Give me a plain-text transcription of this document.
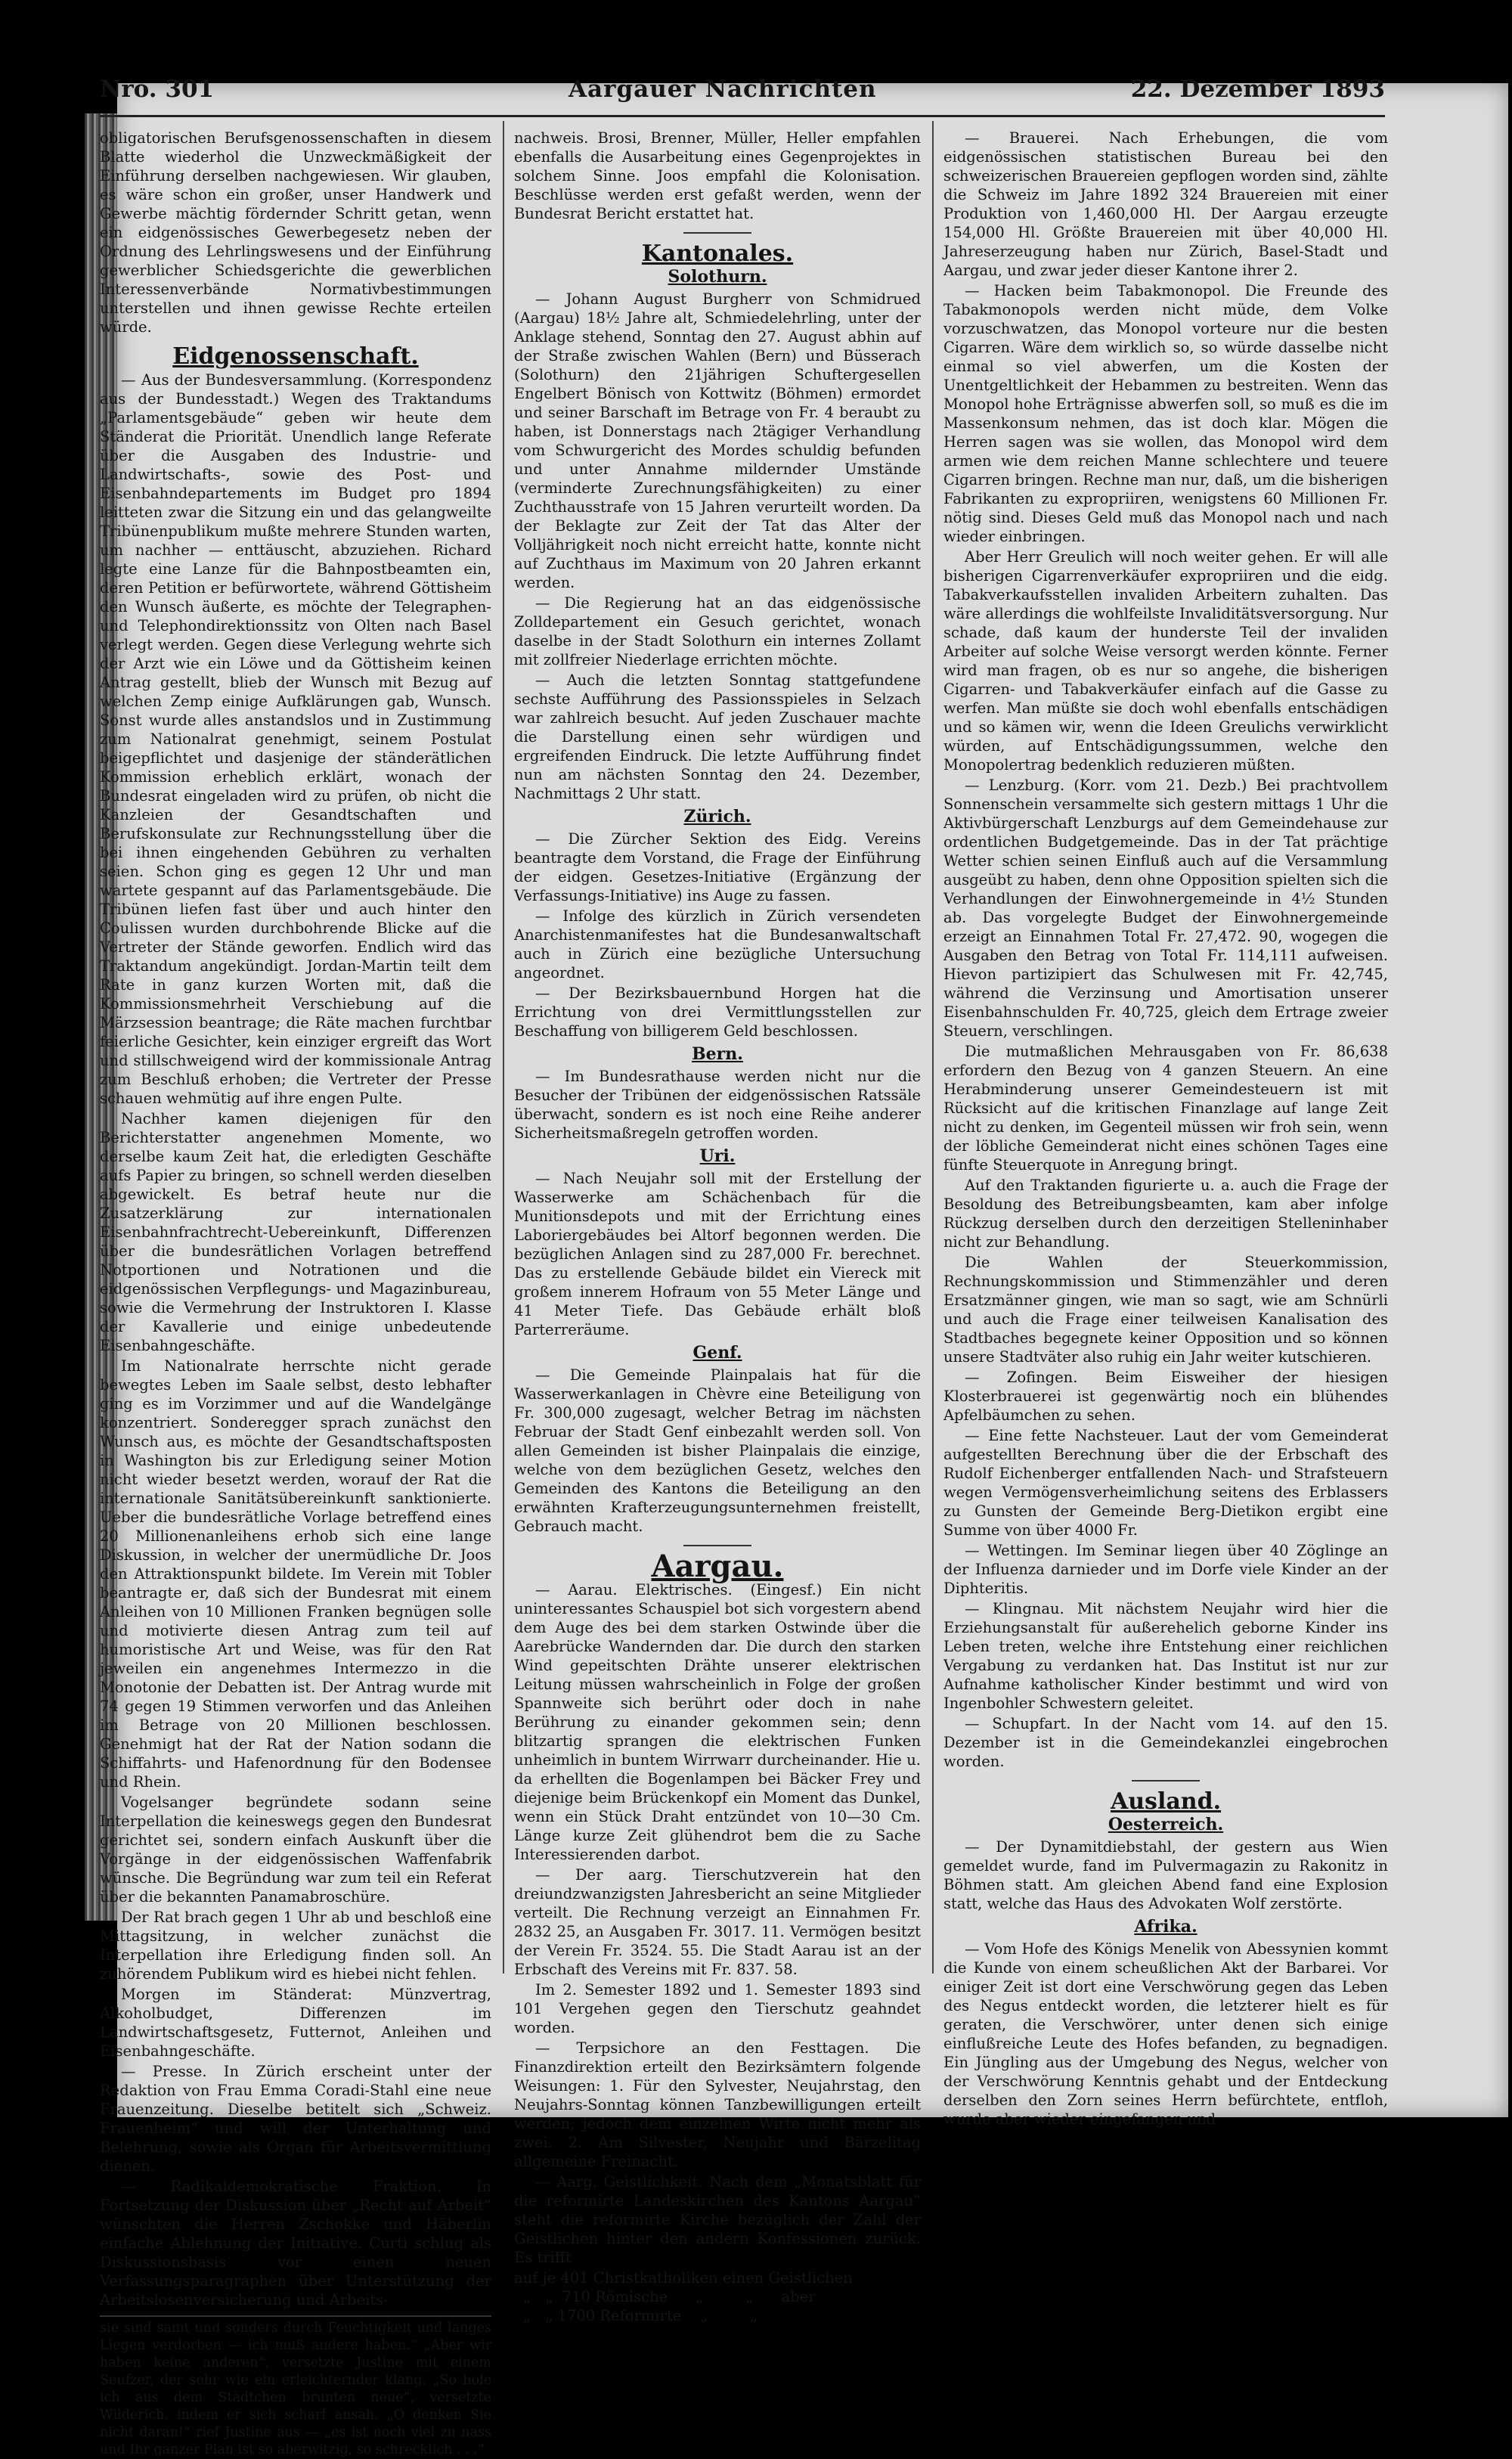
Nro. 301	Aargauer Nachrichten	22. Dezember 1893

obligatorischen Berufsgenossenschaften in diesem Blatte wiederhol die Unzweckmäßigkeit der Einführung derselben nachgewiesen. Wir glauben, es wäre schon ein großer, unser Handwerk und Gewerbe mächtig fördernder Schritt getan, wenn ein eidgenössisches Gewerbegesetz neben der Ordnung des Lehrlingswesens und der Einführung gewerblicher Schiedsgerichte die gewerblichen Interessenverbände Normativbestimmungen unterstellen und ihnen gewisse Rechte erteilen würde.

Eidgenossenschaft.

— Aus der Bundesversammlung. (Korrespondenz aus der Bundesstadt.) Wegen des Traktandums „Parlamentsgebäude“ geben wir heute dem Ständerat die Priorität. Unendlich lange Referate über die Ausgaben des Industrie- und Landwirtschafts-, sowie des Post- und Eisenbahndepartements im Budget pro 1894 leitteten zwar die Sitzung ein und das gelangweilte Tribünenpublikum mußte mehrere Stunden warten, um nachher — enttäuscht, abzuziehen. Richard legte eine Lanze für die Bahnpostbeamten ein, deren Petition er befürwortete, während Göttisheim den Wunsch äußerte, es möchte der Telegraphen- und Telephondirektionssitz von Olten nach Basel verlegt werden. Gegen diese Verlegung wehrte sich der Arzt wie ein Löwe und da Göttisheim keinen Antrag gestellt, blieb der Wunsch mit Bezug auf welchen Zemp einige Aufklärungen gab, Wunsch. Sonst wurde alles anstandslos und in Zustimmung zum Nationalrat genehmigt, seinem Postulat beigepflichtet und dasjenige der ständerätlichen Kommission erheblich erklärt, wonach der Bundesrat eingeladen wird zu prüfen, ob nicht die Kanzleien der Gesandtschaften und Berufskonsulate zur Rechnungsstellung über die bei ihnen eingehenden Gebühren zu verhalten seien. Schon ging es gegen 12 Uhr und man wartete gespannt auf das Parlamentsgebäude. Die Tribünen liefen fast über und auch hinter den Coulissen wurden durchbohrende Blicke auf die Vertreter der Stände geworfen. Endlich wird das Traktandum angekündigt. Jordan-Martin teilt dem Rate in ganz kurzen Worten mit, daß die Kommissionsmehrheit Verschiebung auf die Märzsession beantrage; die Räte machen furchtbar feierliche Gesichter, kein einziger ergreift das Wort und stillschweigend wird der kommissionale Antrag zum Beschluß erhoben; die Vertreter der Presse schauen wehmütig auf ihre engen Pulte.

Nachher kamen diejenigen für den Berichterstatter angenehmen Momente, wo derselbe kaum Zeit hat, die erledigten Geschäfte aufs Papier zu bringen, so schnell werden dieselben abgewickelt. Es betraf heute nur die Zusatzerklärung zur internationalen Eisenbahnfrachtrecht-Uebereinkunft, Differenzen über die bundesrätlichen Vorlagen betreffend Notportionen und Notrationen und die eidgenössischen Verpflegungs- und Magazinbureau, sowie die Vermehrung der Instruktoren I. Klasse der Kavallerie und einige unbedeutende Eisenbahngeschäfte.

Im Nationalrate herrschte nicht gerade bewegtes Leben im Saale selbst, desto lebhafter ging es im Vorzimmer und auf die Wandelgänge konzentriert. Sonderegger sprach zunächst den Wunsch aus, es möchte der Gesandtschaftsposten in Washington bis zur Erledigung seiner Motion nicht wieder besetzt werden, worauf der Rat die internationale Sanitätsübereinkunft sanktionierte. Ueber die bundesrätliche Vorlage betreffend eines 20 Millionenanleihens erhob sich eine lange Diskussion, in welcher der unermüdliche Dr. Joos den Attraktionspunkt bildete. Im Verein mit Tobler beantragte er, daß sich der Bundesrat mit einem Anleihen von 10 Millionen Franken begnügen solle und motivierte diesen Antrag zum teil auf humoristische Art und Weise, was für den Rat jeweilen ein angenehmes Intermezzo in die Monotonie der Debatten ist. Der Antrag wurde mit 74 gegen 19 Stimmen verworfen und das Anleihen im Betrage von 20 Millionen beschlossen. Genehmigt hat der Rat der Nation sodann die Schiffahrts- und Hafenordnung für den Bodensee und Rhein.

Vogelsanger begründete sodann seine Interpellation die keineswegs gegen den Bundesrat gerichtet sei, sondern einfach Auskunft über die Vorgänge in der eidgenössischen Waffenfabrik wünsche. Die Begründung war zum teil ein Referat über die bekannten Panamabroschüre.

Der Rat brach gegen 1 Uhr ab und beschloß eine Mittagsitzung, in welcher zunächst die Interpellation ihre Erledigung finden soll. An zuhörendem Publikum wird es hiebei nicht fehlen.

Morgen im Ständerat: Münzvertrag, Alkoholbudget, Differenzen im Landwirtschaftsgesetz, Futternot, Anleihen und Eisenbahngeschäfte.

— Presse. In Zürich erscheint unter der Redaktion von Frau Emma Coradi-Stahl eine neue Frauenzeitung. Dieselbe betitelt sich „Schweiz. Frauenheim“ und will der Unterhaltung und Belehrung, sowie als Organ für Arbeitsvermittlung dienen.

— Radikaldemokratische Fraktion. In Fortsetzung der Diskussion über „Recht auf Arbeit“ wünschten die Herren Zschokke und Häberlin einfache Ablehnung der Initiative. Curti schlug als Diskussionsbasis vor einen neuen Verfassungsparagraphen über Unterstützung der Arbeitslosenversicherung und Arbeits-

sie sind samt und sonders durch Feuchtigkeit und langes Liegen verdorben — ich muß andere haben.“ „Aber wir haben keine anderen“, versetzte Justine mit einem Seufzer, der sehr wie ein erleichternder klang. „So hole ich aus dem Städtchen brunten neue“, versetzte Wilderich, indem er sich scharf ansah. „O denken Sie nicht daran!“ rief Justine aus — „es ist noch viel zu nass und Ihr ganzer Plan ist so aberwitzig, so schrecklich . . .“

nachweis. Brosi, Brenner, Müller, Heller empfahlen ebenfalls die Ausarbeitung eines Gegenprojektes in solchem Sinne. Joos empfahl die Kolonisation. Beschlüsse werden erst gefaßt werden, wenn der Bundesrat Bericht erstattet hat.

Kantonales.
Solothurn.

— Johann August Burgherr von Schmidrued (Aargau) 18½ Jahre alt, Schmiedelehrling, unter der Anklage stehend, Sonntag den 27. August abhin auf der Straße zwischen Wahlen (Bern) und Büsserach (Solothurn) den 21jährigen Schuftergesellen Engelbert Bönisch von Kottwitz (Böhmen) ermordet und seiner Barschaft im Betrage von Fr. 4 beraubt zu haben, ist Donnerstags nach 2tägiger Verhandlung vom Schwurgericht des Mordes schuldig befunden und unter Annahme mildernder Umstände (verminderte Zurechnungsfähigkeiten) zu einer Zuchthausstrafe von 15 Jahren verurteilt worden. Da der Beklagte zur Zeit der Tat das Alter der Volljährigkeit noch nicht erreicht hatte, konnte nicht auf Zuchthaus im Maximum von 20 Jahren erkannt werden.

— Die Regierung hat an das eidgenössische Zolldepartement ein Gesuch gerichtet, wonach daselbe in der Stadt Solothurn ein internes Zollamt mit zollfreier Niederlage errichten möchte.

— Auch die letzten Sonntag stattgefundene sechste Aufführung des Passionsspieles in Selzach war zahlreich besucht. Auf jeden Zuschauer machte die Darstellung einen sehr würdigen und ergreifenden Eindruck. Die letzte Aufführung findet nun am nächsten Sonntag den 24. Dezember, Nachmittags 2 Uhr statt.

Zürich.

— Die Zürcher Sektion des Eidg. Vereins beantragte dem Vorstand, die Frage der Einführung der eidgen. Gesetzes-Initiative (Ergänzung der Verfassungs-Initiative) ins Auge zu fassen.

— Infolge des kürzlich in Zürich versendeten Anarchistenmanifestes hat die Bundesanwaltschaft auch in Zürich eine bezügliche Untersuchung angeordnet.

— Der Bezirksbauernbund Horgen hat die Errichtung von drei Vermittlungsstellen zur Beschaffung von billigerem Geld beschlossen.

Bern.

— Im Bundesrathause werden nicht nur die Besucher der Tribünen der eidgenössischen Ratssäle überwacht, sondern es ist noch eine Reihe anderer Sicherheitsmaßregeln getroffen worden.

Uri.

— Nach Neujahr soll mit der Erstellung der Wasserwerke am Schächenbach für die Munitionsdepots und mit der Errichtung eines Laboriergebäudes bei Altorf begonnen werden. Die bezüglichen Anlagen sind zu 287,000 Fr. berechnet. Das zu erstellende Gebäude bildet ein Viereck mit großem innerem Hofraum von 55 Meter Länge und 41 Meter Tiefe. Das Gebäude erhält bloß Parterreräume.

Genf.

— Die Gemeinde Plainpalais hat für die Wasserwerkanlagen in Chèvre eine Beteiligung von Fr. 300,000 zugesagt, welcher Betrag im nächsten Februar der Stadt Genf einbezahlt werden soll. Von allen Gemeinden ist bisher Plainpalais die einzige, welche von dem bezüglichen Gesetz, welches den Gemeinden des Kantons die Beteiligung an den erwähnten Krafterzeugungsunternehmen freistellt, Gebrauch macht.

Aargau.

— Aarau. Elektrisches. (Eingesf.) Ein nicht uninteressantes Schauspiel bot sich vorgestern abend dem Auge des bei dem starken Ostwinde über die Aarebrücke Wandernden dar. Die durch den starken Wind gepeitschten Drähte unserer elektrischen Leitung müssen wahrscheinlich in Folge der großen Spannweite sich berührt oder doch in nahe Berührung zu einander gekommen sein; denn blitzartig sprangen die elektrischen Funken unheimlich in buntem Wirrwarr durcheinander. Hie u. da erhellten die Bogenlampen bei Bäcker Frey und diejenige beim Brückenkopf ein Moment das Dunkel, wenn ein Stück Draht entzündet von 10—30 Cm. Länge kurze Zeit glühendrot bem die zu Sache Interessierenden darbot.

— Der aarg. Tierschutzverein hat den dreiundzwanzigsten Jahresbericht an seine Mitglieder verteilt. Die Rechnung verzeigt an Einnahmen Fr. 2832 25, an Ausgaben Fr. 3017. 11. Vermögen besitzt der Verein Fr. 3524. 55. Die Stadt Aarau ist an der Erbschaft des Vereins mit Fr. 837. 58.

Im 2. Semester 1892 und 1. Semester 1893 sind 101 Vergehen gegen den Tierschutz geahndet worden.

— Terpsichore an den Festtagen. Die Finanzdirektion erteilt den Bezirksämtern folgende Weisungen: 1. Für den Sylvester, Neujahrstag, den Neujahrs-Sonntag können Tanzbewilligungen erteilt werden; jedoch dem einzelnen Wirte nicht mehr als zwei. 2. Am Silvester, Neujahr und Bärzelitag allgemeine Freinacht.

— Aarg. Geistlichkeit. Nach dem „Monatsblatt für die reformirte Landeskirchen des Kantons Aargau“ steht die reformirte Kirche bezüglich der Zahl der Geistlichen hinter den andern Konfessionen zurück. Es trifft

auf je 401 Christkatholiken einen Geistlichen
„   „  710 Römische      „         „      aber
„   „ 1700 Reformirte    „         „

— Brauerei. Nach Erhebungen, die vom eidgenössischen statistischen Bureau bei den schweizerischen Brauereien gepflogen worden sind, zählte die Schweiz im Jahre 1892 324 Brauereien mit einer Produktion von 1,460,000 Hl. Der Aargau erzeugte 154,000 Hl. Größte Brauereien mit über 40,000 Hl. Jahreserzeugung haben nur Zürich, Basel-Stadt und Aargau, und zwar jeder dieser Kantone ihrer 2.

— Hacken beim Tabakmonopol. Die Freunde des Tabakmonopols werden nicht müde, dem Volke vorzuschwatzen, das Monopol vorteure nur die besten Cigarren. Wäre dem wirklich so, so würde dasselbe nicht einmal so viel abwerfen, um die Kosten der Unentgeltlichkeit der Hebammen zu bestreiten. Wenn das Monopol hohe Erträgnisse abwerfen soll, so muß es die im Massenkonsum nehmen, das ist doch klar. Mögen die Herren sagen was sie wollen, das Monopol wird dem armen wie dem reichen Manne schlechtere und teuere Cigarren bringen. Rechne man nur, daß, um die bisherigen Fabrikanten zu expropriiren, wenigstens 60 Millionen Fr. nötig sind. Dieses Geld muß das Monopol nach und nach wieder einbringen.

Aber Herr Greulich will noch weiter gehen. Er will alle bisherigen Cigarrenverkäufer expropriiren und die eidg. Tabakverkaufsstellen invaliden Arbeitern zuhalten. Das wäre allerdings die wohlfeilste Invaliditätsversorgung. Nur schade, daß kaum der hunderste Teil der invaliden Arbeiter auf solche Weise versorgt werden könnte. Ferner wird man fragen, ob es nur so angehe, die bisherigen Cigarren- und Tabakverkäufer einfach auf die Gasse zu werfen. Man müßte sie doch wohl ebenfalls entschädigen und so kämen wir, wenn die Ideen Greulichs verwirklicht würden, auf Entschädigungssummen, welche den Monopolertrag bedenklich reduzieren müßten.

— Lenzburg. (Korr. vom 21. Dezb.) Bei prachtvollem Sonnenschein versammelte sich gestern mittags 1 Uhr die Aktivbürgerschaft Lenzburgs auf dem Gemeindehause zur ordentlichen Budgetgemeinde. Das in der Tat prächtige Wetter schien seinen Einfluß auch auf die Versammlung ausgeübt zu haben, denn ohne Opposition spielten sich die Verhandlungen der Einwohnergemeinde in 4½ Stunden ab. Das vorgelegte Budget der Einwohnergemeinde erzeigt an Einnahmen Total Fr. 27,472. 90, wogegen die Ausgaben den Betrag von Total Fr. 114,111 aufweisen. Hievon partizipiert das Schulwesen mit Fr. 42,745, während die Verzinsung und Amortisation unserer Eisenbahnschulden Fr. 40,725, gleich dem Ertrage zweier Steuern, verschlingen.

Die mutmaßlichen Mehrausgaben von Fr. 86,638 erfordern den Bezug von 4 ganzen Steuern. An eine Herabminderung unserer Gemeindesteuern ist mit Rücksicht auf die kritischen Finanzlage auf lange Zeit nicht zu denken, im Gegenteil müssen wir froh sein, wenn der löbliche Gemeinderat nicht eines schönen Tages eine fünfte Steuerquote in Anregung bringt.

Auf den Traktanden figurierte u. a. auch die Frage der Besoldung des Betreibungsbeamten, kam aber infolge Rückzug derselben durch den derzeitigen Stelleninhaber nicht zur Behandlung.

Die Wahlen der Steuerkommission, Rechnungskommission und Stimmenzähler und deren Ersatzmänner gingen, wie man so sagt, wie am Schnürli und auch die Frage einer teilweisen Kanalisation des Stadtbaches begegnete keiner Opposition und so können unsere Stadtväter also ruhig ein Jahr weiter kutschieren.

— Zofingen. Beim Eisweiher der hiesigen Klosterbrauerei ist gegenwärtig noch ein blühendes Apfelbäumchen zu sehen.

— Eine fette Nachsteuer. Laut der vom Gemeinderat aufgestellten Berechnung über die der Erbschaft des Rudolf Eichenberger entfallenden Nach- und Strafsteuern wegen Vermögensverheimlichung seitens des Erblassers zu Gunsten der Gemeinde Berg-Dietikon ergibt eine Summe von über 4000 Fr.

— Wettingen. Im Seminar liegen über 40 Zöglinge an der Influenza darnieder und im Dorfe viele Kinder an der Diphteritis.

— Klingnau. Mit nächstem Neujahr wird hier die Erziehungsanstalt für außerehelich geborne Kinder ins Leben treten, welche ihre Entstehung einer reichlichen Vergabung zu verdanken hat. Das Institut ist nur zur Aufnahme katholischer Kinder bestimmt und wird von Ingenbohler Schwestern geleitet.

— Schupfart. In der Nacht vom 14. auf den 15. Dezember ist in die Gemeindekanzlei eingebrochen worden.

Ausland.
Oesterreich.

— Der Dynamitdiebstahl, der gestern aus Wien gemeldet wurde, fand im Pulvermagazin zu Rakonitz in Böhmen statt. Am gleichen Abend fand eine Explosion statt, welche das Haus des Advokaten Wolf zerstörte.

Afrika.

— Vom Hofe des Königs Menelik von Abessynien kommt die Kunde von einem scheußlichen Akt der Barbarei. Vor einiger Zeit ist dort eine Verschwörung gegen das Leben des Negus entdeckt worden, die letzterer hielt es für geraten, die Verschwörer, unter denen sich einige einflußreiche Leute des Hofes befanden, zu begnadigen. Ein Jüngling aus der Umgebung des Negus, welcher von der Verschwörung Kenntnis gehabt und der Entdeckung derselben den Zorn seines Herrn befürchtete, entfloh, wurde aber wieder eingefangen und
